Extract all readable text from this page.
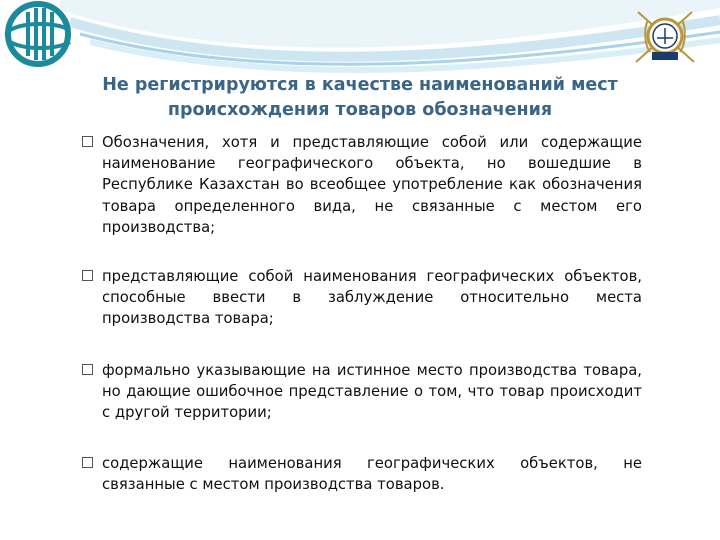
Не регистрируются в качестве наименований мест
происхождения товаров обозначения
Обозначения, хотя и представляющие собой или содержащие наименование географического объекта, но вошедшие в Республике Казахстан во всеобщее употребление как обозначения товара определенного вида, не связанные с местом его производства;
представляющие собой наименования географических объектов, способные ввести в заблуждение относительно места производства товара;
формально указывающие на истинное место производства товара, но дающие ошибочное представление о том, что товар происходит с другой территории;
содержащие наименования географических объектов, не связанные с местом производства товаров.
